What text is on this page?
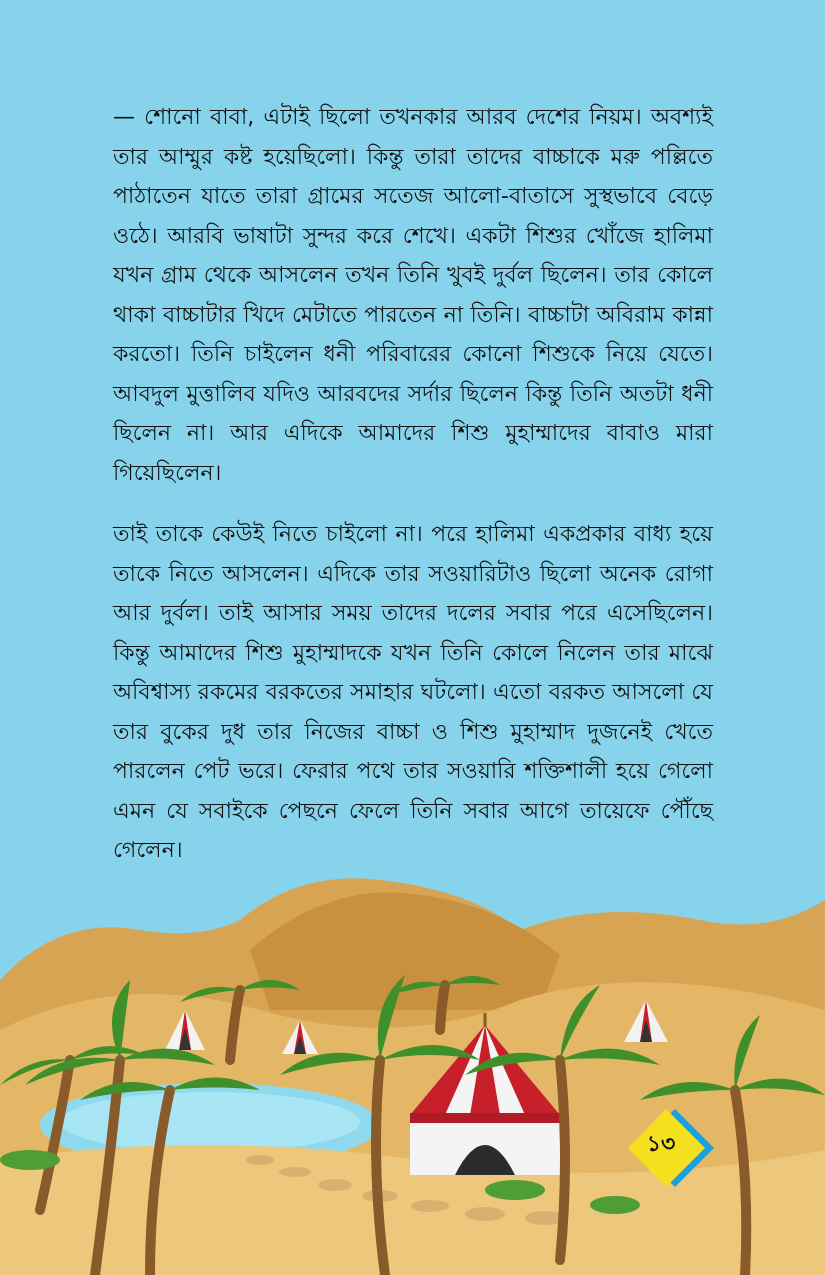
— শোনো বাবা, এটাই ছিলো তখনকার আরব দেশের নিয়ম। অবশ্যই তার আম্মুর কষ্ট হয়েছিলো। কিন্তু তারা তাদের বাচ্চাকে মরু পল্লিতে পাঠাতেন যাতে তারা গ্রামের সতেজ আলো-বাতাসে সুস্থভাবে বেড়ে ওঠে। আরবি ভাষাটা সুন্দর করে শেখে। একটা শিশুর খোঁজে হালিমা যখন গ্রাম থেকে আসলেন তখন তিনি খুবই দুর্বল ছিলেন। তার কোলে থাকা বাচ্চাটার খিদে মেটাতে পারতেন না তিনি। বাচ্চাটা অবিরাম কান্না করতো। তিনি চাইলেন ধনী পরিবারের কোনো শিশুকে নিয়ে যেতে। আবদুল মুত্তালিব যদিও আরবদের সর্দার ছিলেন কিন্তু তিনি অতটা ধনী ছিলেন না। আর এদিকে আমাদের শিশু মুহাম্মাদের বাবাও মারা গিয়েছিলেন।

তাই তাকে কেউই নিতে চাইলো না। পরে হালিমা একপ্রকার বাধ্য হয়ে তাকে নিতে আসলেন। এদিকে তার সওয়ারিটাও ছিলো অনেক রোগা আর দুর্বল। তাই আসার সময় তাদের দলের সবার পরে এসেছিলেন। কিন্তু আমাদের শিশু মুহাম্মাদকে যখন তিনি কোলে নিলেন তার মাঝে অবিশ্বাস্য রকমের বরকতের সমাহার ঘটলো। এতো বরকত আসলো যে তার বুকের দুধ তার নিজের বাচ্চা ও শিশু মুহাম্মাদ দুজনেই খেতে পারলেন পেট ভরে। ফেরার পথে তার সওয়ারি শক্তিশালী হয়ে গেলো এমন যে সবাইকে পেছনে ফেলে তিনি সবার আগে তায়েফে পৌঁছে গেলেন।

১৩
